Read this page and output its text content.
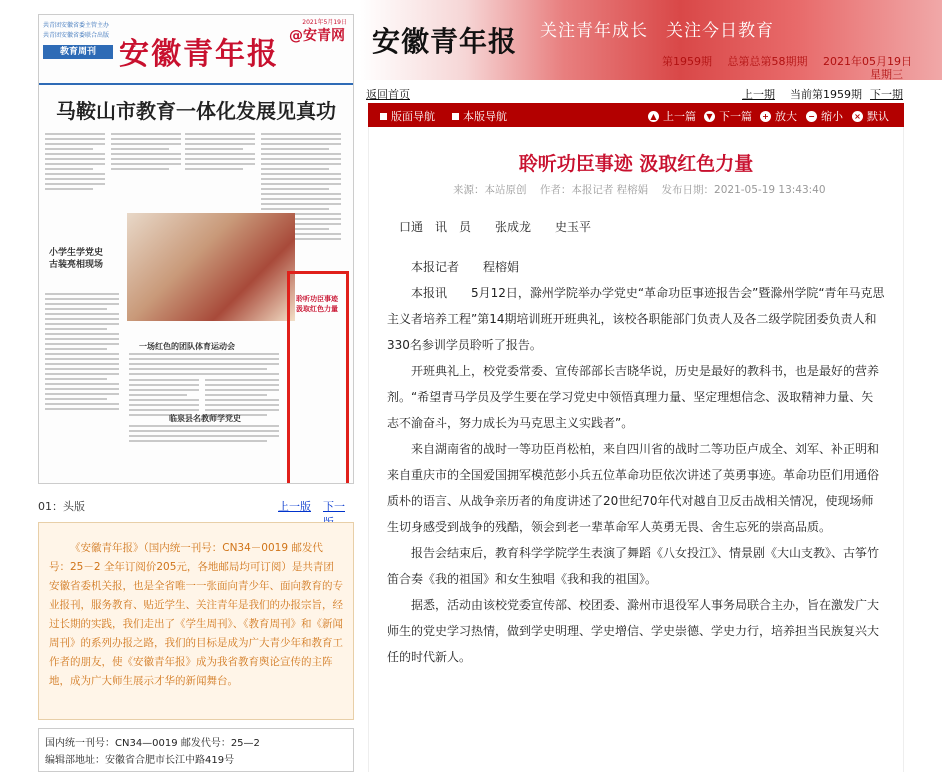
共青团安徽省委主管主办
共青团安徽省委联合出版
教育周刊 安徽青年报
2021年5月19日
@安青网
马鞍山市教育一体化发展见真功
小学生学党史
古装亮相现场
一场红色的团队体育运动会
临泉县名教师学党史
聆听功臣事迹
汲取红色力量
01：头版	上一版 下一
《安徽青年报》（国内统一刊号：CN34－0019 邮发代号：25－2 全年订阅价205元，各地邮局均可订阅）是共青团安徽省委机关报，也是全省唯一一张面向青少年、面向教育的专业报刊，服务教育、贴近学生、关注青年是我们的办报宗旨，经过长期的实践，我们走出了《学生周刊》、《教育周刊》和《新闻周刊》的系列办报之路，我们的目标是成为广大青少年和教育工作者的朋友，使《安徽青年报》成为我省教育舆论宣传的主阵地，成为广大师生展示才华的新闻舞台。
国内统一刊号：CN34—0019 邮发代号：25—2
编辑部地址：安徽省合肥市长江中路419号
安徽青年报 关注青年成长　关注今日教育
第1959期 总第总第58期期 2021年05月19日
星期三
返回首页	上一期 当前第1959期 下一期
版面导航	本版导航	▲ 上一篇	▼ 下一篇 + 放大 − 缩小 × 默认
聆听功臣事迹 汲取红色力量
来源：本站原创 作者：本报记者 程榕娟 发布日期：2021-05-19 13:43:40

口通　讯　员　　张成龙　　史玉平

本报记者　　程榕娟

本报讯　　5月12日，滁州学院举办学党史“革命功臣事迹报告会”暨滁州学院“青年马克思主义者培养工程”第14期培训班开班典礼，该校各职能部门负责人及各二级学院团委负责人和330名参训学员聆听了报告。

开班典礼上，校党委常委、宣传部部长吉晓华说，历史是最好的教科书，也是最好的营养剂。“希望青马学员及学生要在学习党史中领悟真理力量、坚定理想信念、汲取精神力量、矢志不渝奋斗，努力成长为马克思主义实践者”。

来自湖南省的战时一等功臣肖松柏，来自四川省的战时二等功臣卢成全、刘军、补正明和来自重庆市的全国爱国拥军模范彭小兵五位革命功臣依次讲述了英勇事迹。革命功臣们用通俗质朴的语言、从战争亲历者的角度讲述了20世纪70年代对越自卫反击战相关情况，使现场师生切身感受到战争的残酷，领会到老一辈革命军人英勇无畏、舍生忘死的崇高品质。

报告会结束后，教育科学学院学生表演了舞蹈《八女投江》、情景剧《大山支教》、古筝竹笛合奏《我的祖国》和女生独唱《我和我的祖国》。

据悉，活动由该校党委宣传部、校团委、滁州市退役军人事务局联合主办，旨在激发广大师生的党史学习热情，做到学史明理、学史增信、学史崇德、学史力行，培养担当民族复兴大任的时代新人。
